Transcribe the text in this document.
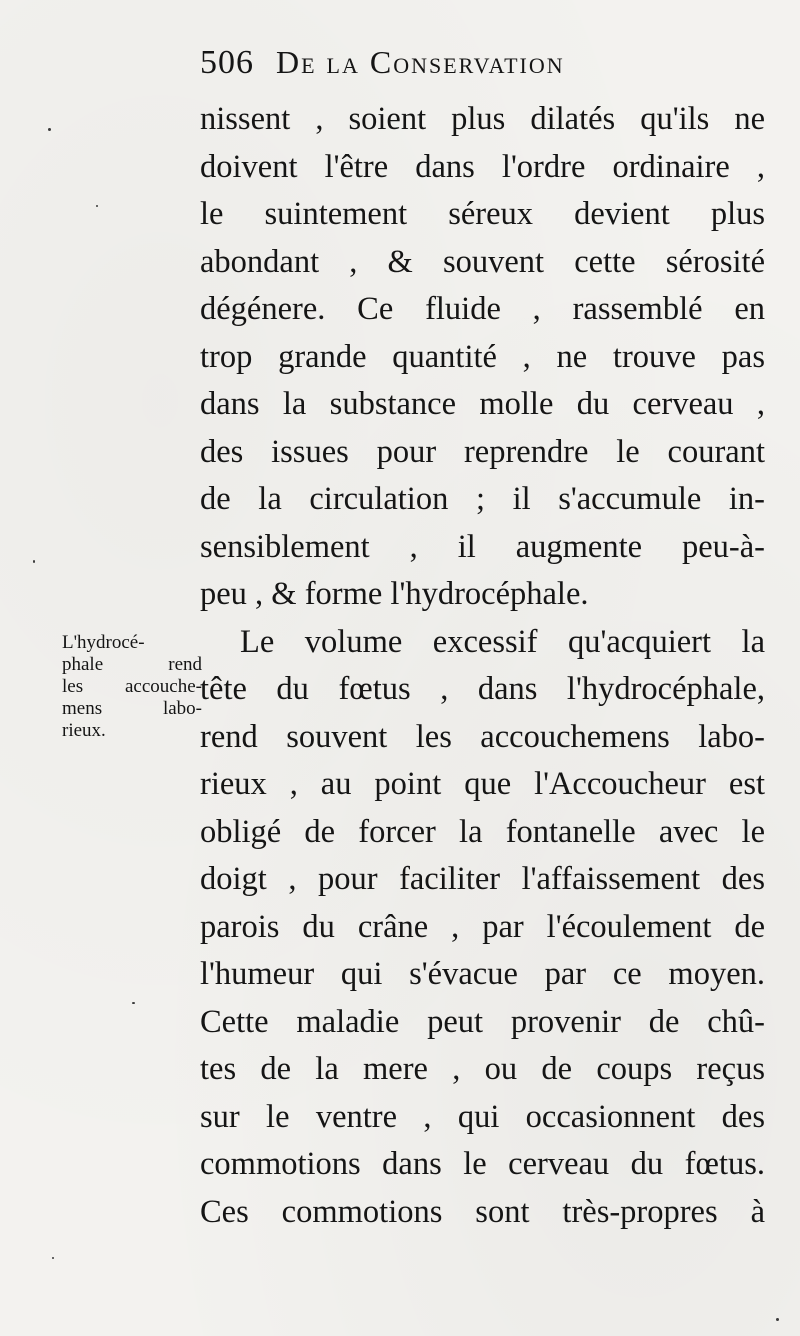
506 De la Conservation
nissent , soient plus dilatés qu'ils ne
doivent l'être dans l'ordre ordinaire ,
le suintement séreux devient plus
abondant , & souvent cette sérosité
dégénere. Ce fluide , rassemblé en
trop grande quantité , ne trouve pas
dans la substance molle du cerveau ,
des issues pour reprendre le courant
de la circulation ; il s'accumule in-
sensiblement , il augmente peu-à-
peu , & forme l'hydrocéphale.
Le volume excessif qu'acquiert la
tête du fœtus , dans l'hydrocéphale,
rend souvent les accouchemens labo-
rieux , au point que l'Accoucheur est
obligé de forcer la fontanelle avec le
doigt , pour faciliter l'affaissement des
parois du crâne , par l'écoulement de
l'humeur qui s'évacue par ce moyen.
Cette maladie peut provenir de chû-
tes de la mere , ou de coups reçus
sur le ventre , qui occasionnent des
commotions dans le cerveau du fœtus.
Ces commotions sont très-propres à
L'hydrocé-
phale rend
les accouche-
mens labo-
rieux.
